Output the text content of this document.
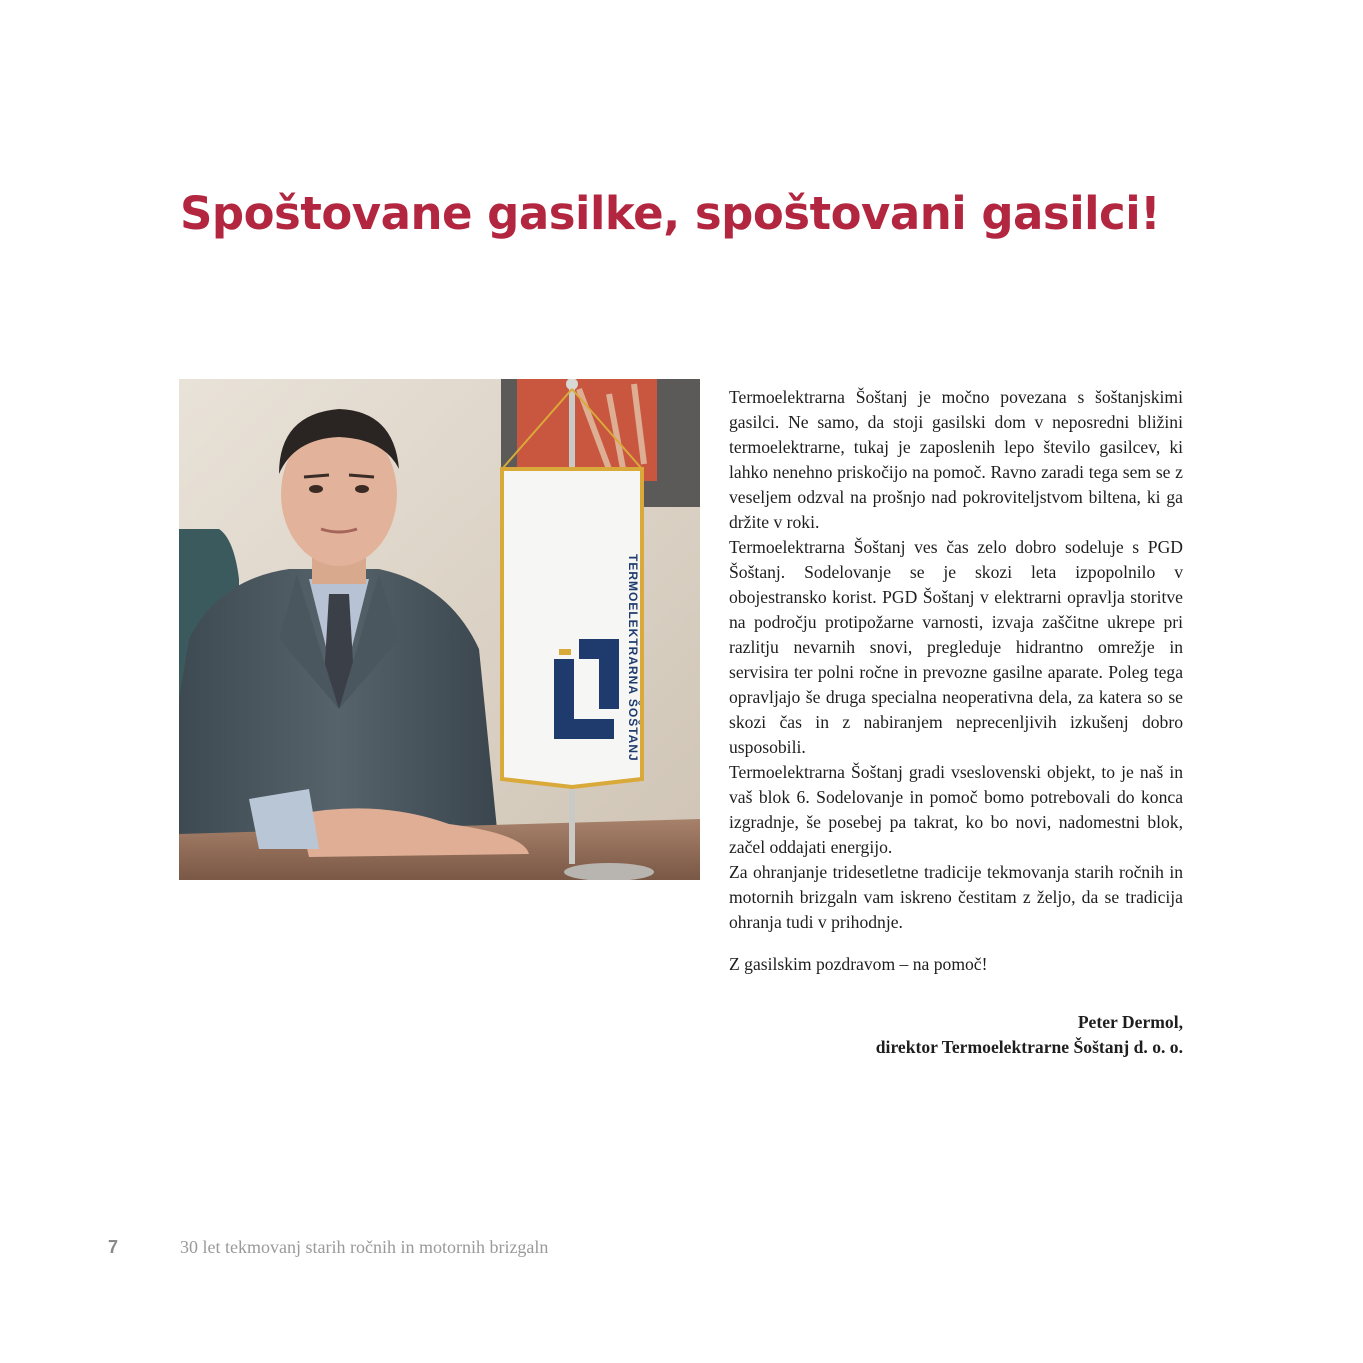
Spoštovane gasilke, spoštovani gasilci!
TERMOELEKTRARNA ŠOŠTANJ

Termoelektrarna Šoštanj je močno povezana s šoštanjskimi gasilci. Ne samo, da stoji gasilski dom v neposredni bližini termoelektrarne, tukaj je zaposlenih lepo število gasilcev, ki lahko nenehno priskočijo na pomoč. Ravno zaradi tega sem se z veseljem odzval na prošnjo nad pokroviteljstvom biltena, ki ga držite v roki.

Termoelektrarna Šoštanj ves čas zelo dobro sodeluje s PGD Šoštanj. Sodelovanje se je skozi leta izpopolnilo v obojestransko korist. PGD Šoštanj v elektrarni opravlja storitve na področju protipožarne varnosti, izvaja zaščitne ukrepe pri razlitju nevarnih snovi, pregleduje hidrantno omrežje in servisira ter polni ročne in prevozne gasilne aparate. Poleg tega opravljajo še druga specialna neoperativna dela, za katera so se skozi čas in z nabiranjem neprecenljivih izkušenj dobro usposobili.

Termoelektrarna Šoštanj gradi vseslovenski objekt, to je naš in vaš blok 6. Sodelovanje in pomoč bomo potrebovali do konca izgradnje, še posebej pa takrat, ko bo novi, nadomestni blok, začel oddajati energijo.

Za ohranjanje tridesetletne tradicije tekmovanja starih ročnih in motornih brizgaln vam iskreno čestitam z željo, da se tradicija ohranja tudi v prihodnje.

Z gasilskim pozdravom – na pomoč!

Peter Dermol,
direktor Termoelektrarne Šoštanj d. o. o.
7	30 let tekmovanj starih ročnih in motornih brizgaln
